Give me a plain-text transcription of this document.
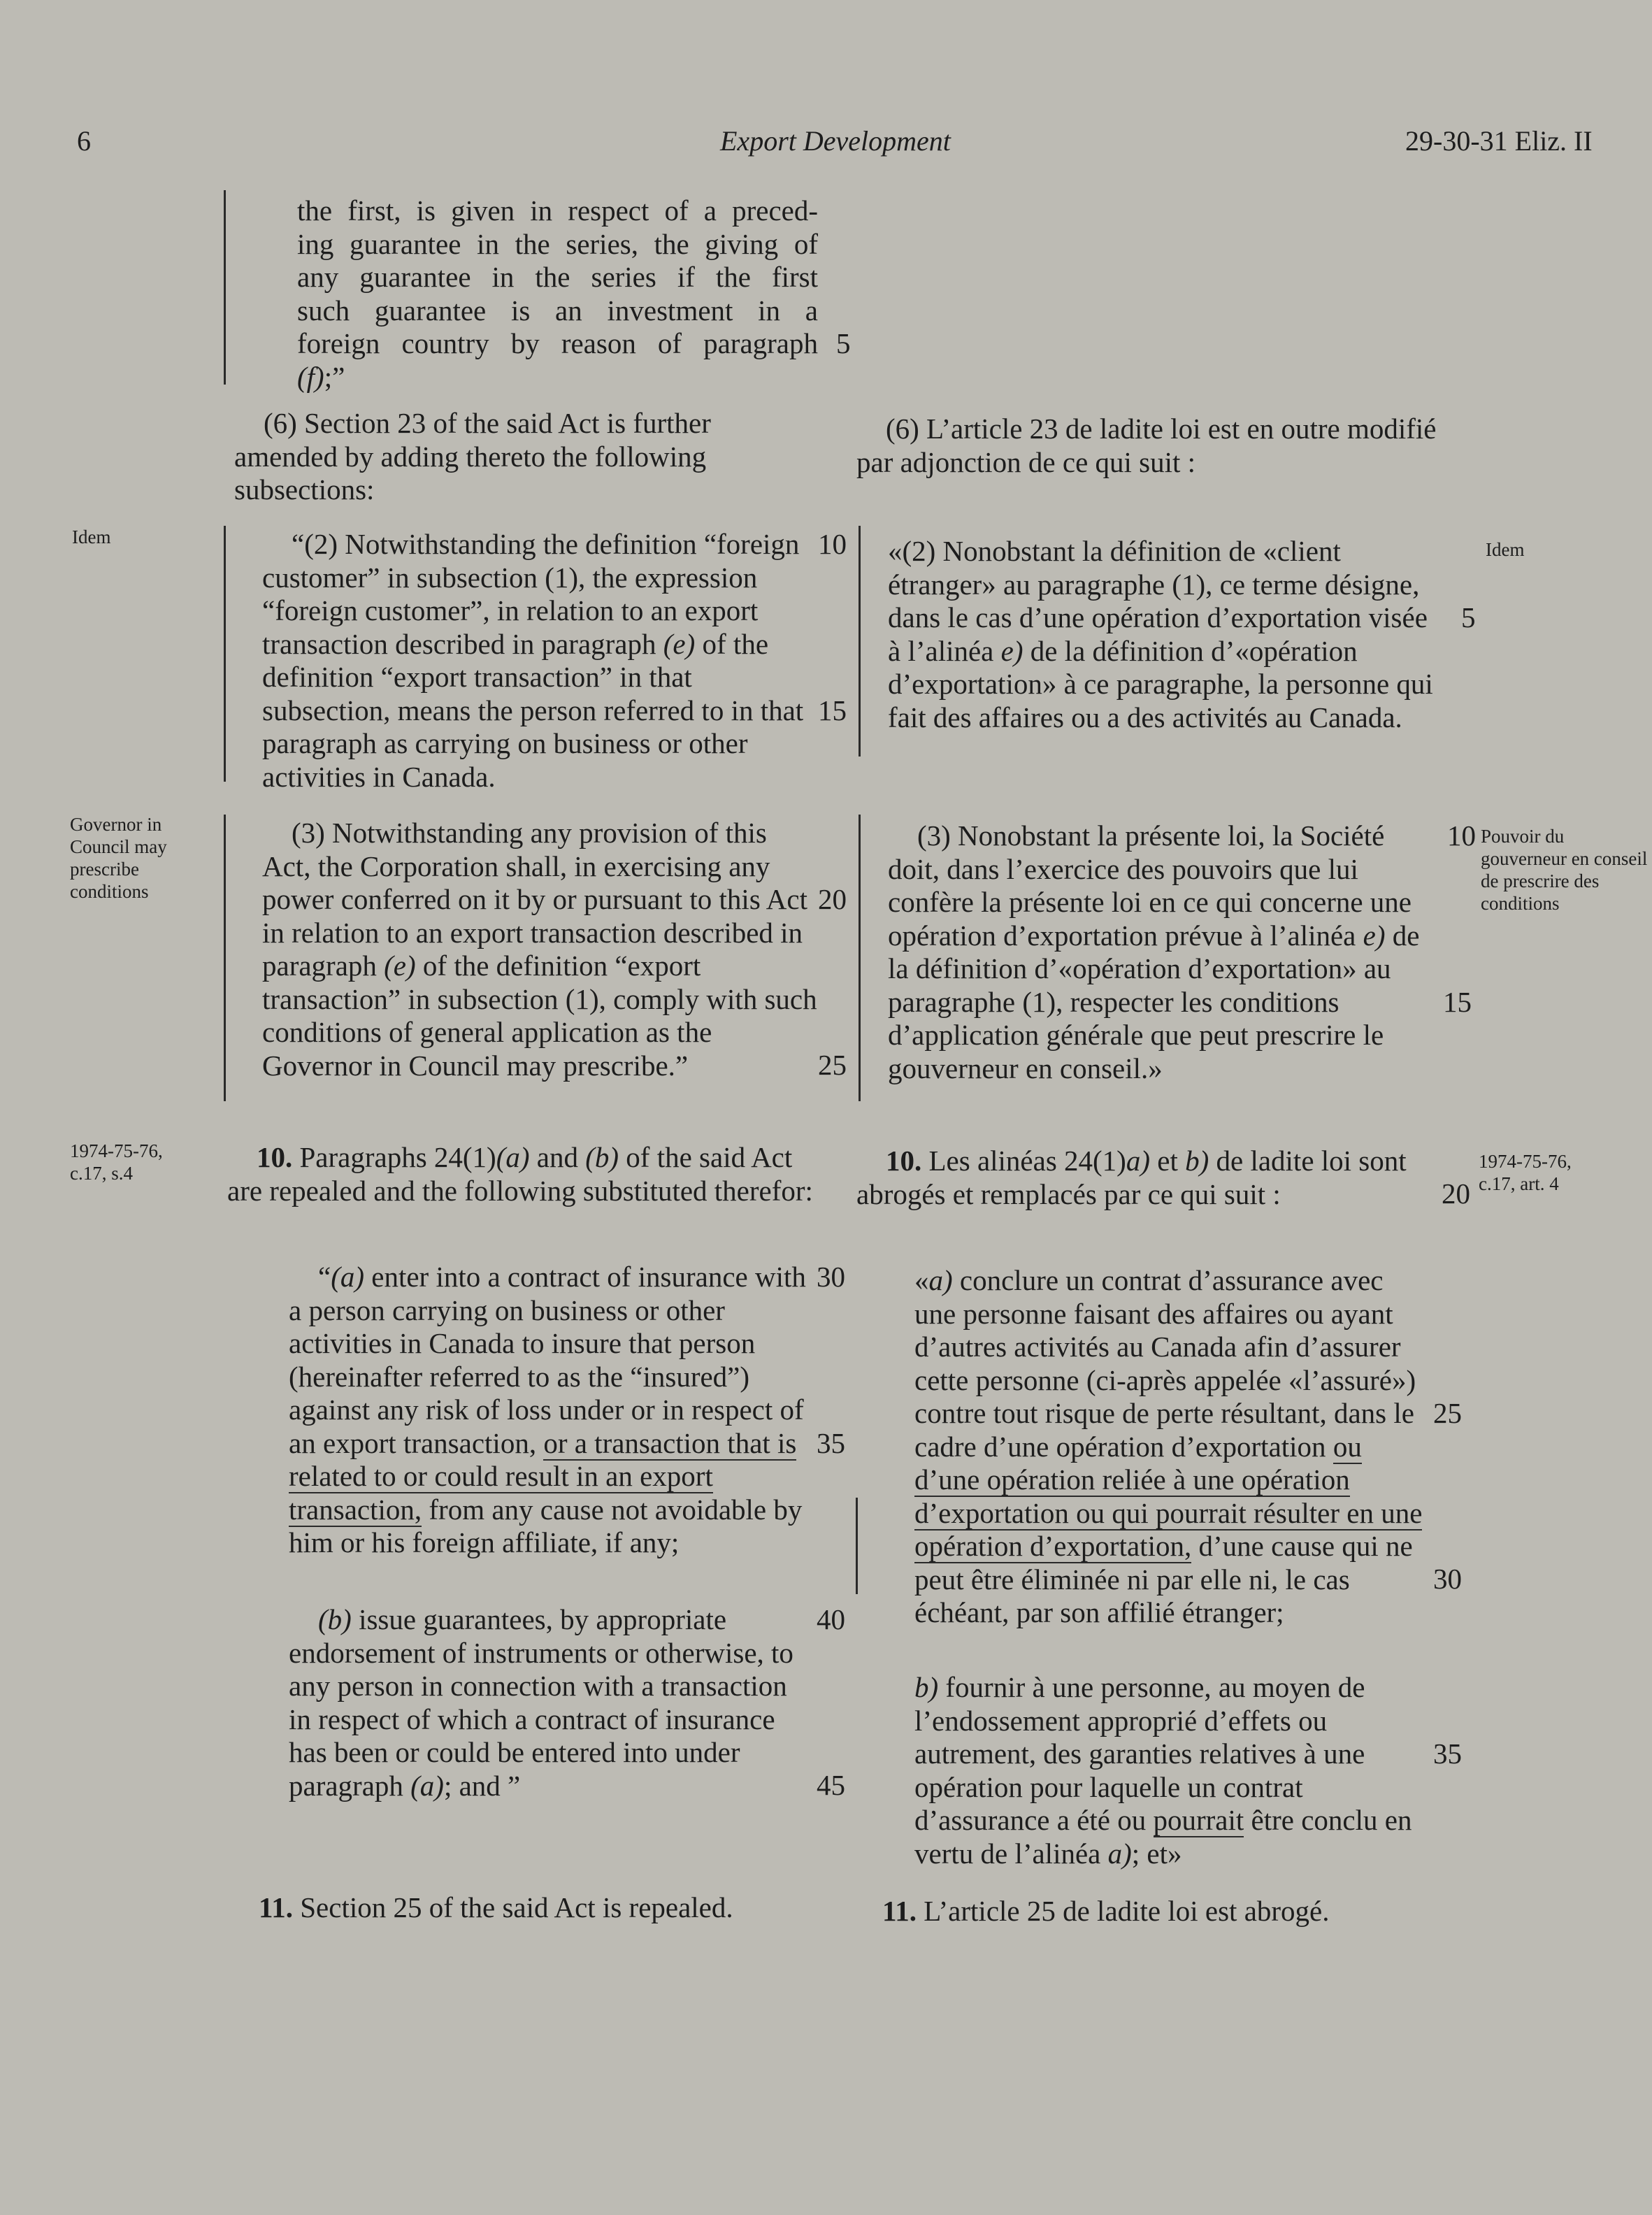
6	Export Development	29-30-31 Eliz. II

the first, is given in respect of a preced-
ing guarantee in the series, the giving of
any guarantee in the series if the first
such guarantee is an investment in a
foreign country by reason of paragraph
(f);”

(6) Section 23 of the said Act is further amended by adding thereto the following subsections:

“(2) Notwithstanding the definition “foreign customer” in subsection (1), the expression “foreign customer”, in relation to an export transaction described in paragraph (e) of the definition “export transaction” in that subsection, means the person referred to in that paragraph as carrying on business or other activities in Canada.

(3) Notwithstanding any provision of this Act, the Corporation shall, in exercising any power conferred on it by or pursuant to this Act in relation to an export transaction described in paragraph (e) of the definition “export transaction” in subsection (1), comply with such conditions of general application as the Governor in Council may prescribe.”

10. Paragraphs 24(1)(a) and (b) of the said Act are repealed and the following substituted therefor:

“(a) enter into a contract of insurance with a person carrying on business or other activities in Canada to insure that person (hereinafter referred to as the “insured”) against any risk of loss under or in respect of an export transaction, or a transaction that is related to or could result in an export transaction, from any cause not avoidable by him or his foreign affiliate, if any;

(b) issue guarantees, by appropriate endorsement of instruments or otherwise, to any person in connection with a transaction in respect of which a contract of insurance has been or could be entered into under paragraph (a); and ”

11. Section 25 of the said Act is repealed.

(6) L’article 23 de ladite loi est en outre modifié par adjonction de ce qui suit :

«(2) Nonobstant la définition de «client étranger» au paragraphe (1), ce terme désigne, dans le cas d’une opération d’exportation visée à l’alinéa e) de la définition d’«opération d’exportation» à ce paragraphe, la personne qui fait des affaires ou a des activités au Canada.

(3) Nonobstant la présente loi, la Société doit, dans l’exercice des pouvoirs que lui confère la présente loi en ce qui concerne une opération d’exportation prévue à l’alinéa e) de la définition d’«opération d’exportation» au paragraphe (1), respecter les conditions d’application générale que peut prescrire le gouverneur en conseil.»

10. Les alinéas 24(1)a) et b) de ladite loi sont abrogés et remplacés par ce qui suit :

«a) conclure un contrat d’assurance avec une personne faisant des affaires ou ayant d’autres activités au Canada afin d’assurer cette personne (ci-après appelée «l’assuré») contre tout risque de perte résultant, dans le cadre d’une opération d’exportation ou d’une opération reliée à une opération d’exportation ou qui pourrait résulter en une opération d’exportation, d’une cause qui ne peut être éliminée ni par elle ni, le cas échéant, par son affilié étranger;

b) fournir à une personne, au moyen de l’endossement approprié d’effets ou autrement, des garanties relatives à une opération pour laquelle un contrat d’assurance a été ou pourrait être conclu en vertu de l’alinéa a); et»

11. L’article 25 de ladite loi est abrogé.

5
10
15
20
25
30
35
40
45
5
10
15
20
25
30
35
Idem
Governor in Council may prescribe conditions
1974-75-76, c.17, s.4
Idem
Pouvoir du gouverneur en conseil de prescrire des conditions
1974-75-76, c.17, art. 4
